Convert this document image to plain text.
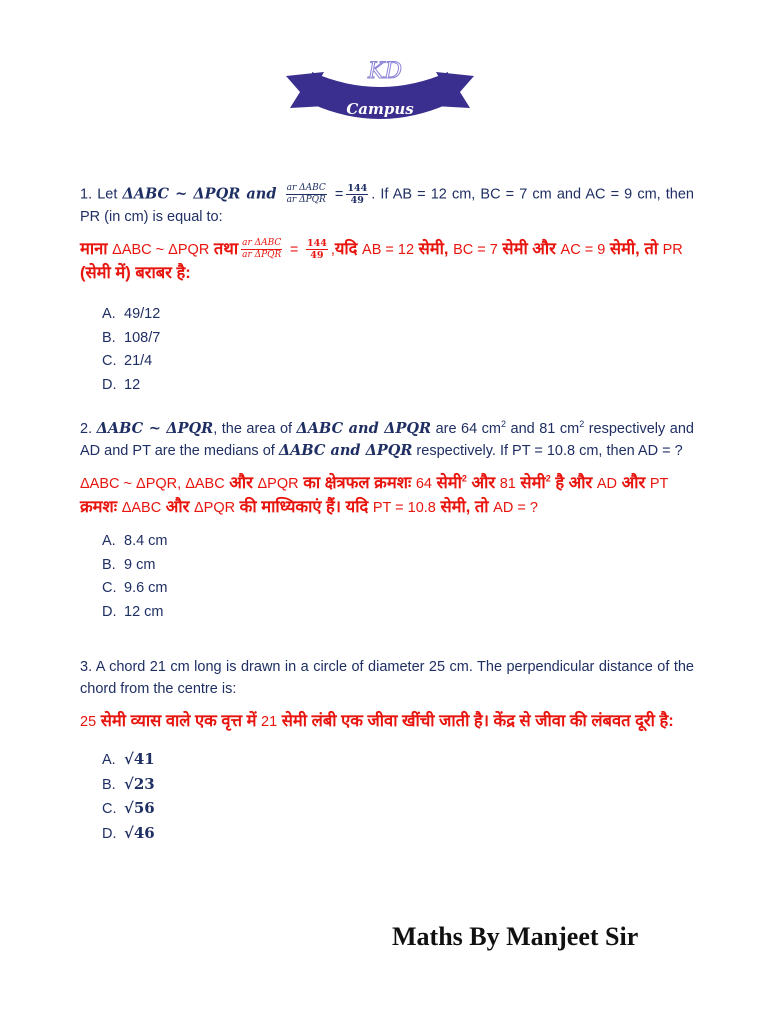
KD
Campus
1. Let ΔABC ~ ΔPQR and $\frac{\text{ar ΔABC}}{\text{ar ΔPQR}} = \frac{144}{49}$ . If AB = 12 cm, BC = 7 cm and AC = 9 cm, then PR (in cm) is equal to:
माना ΔABC ~ ΔPQR तथा $\frac{\text{ar ΔABC}}{\text{ar ΔPQR}} = \frac{144}{49}$ ,यदि AB = 12 सेमी, BC = 7 सेमी और AC = 9 सेमी, तो PR (सेमी में) बराबर है:
A. 49/12
B. 108/7
C. 21/4
D. 12
2. ΔABC ~ ΔPQR, the area of ΔABC and ΔPQR are 64 $cm^2$ and 81 $cm^2$ respectively and AD and PT are the medians of ΔABC and ΔPQR respectively. If PT = 10.8 cm, then AD = ?
ΔABC ~ ΔPQR, ΔABC और ΔPQR का क्षेत्रफल क्रमशः 64 सेमी$^2$ और 81 सेमी$^2$ है और AD और PT क्रमशः ΔABC और ΔPQR की माध्यिकाएं हैं। यदि PT = 10.8 सेमी, तो AD = ?
A. 8.4 cm
B. 9 cm
C. 9.6 cm
D. 12 cm
3. A chord 21 cm long is drawn in a circle of diameter 25 cm. The perpendicular distance of the chord from the centre is:
25 सेमी व्यास वाले एक वृत्त में 21 सेमी लंबी एक जीवा खींची जाती है। केंद्र से जीवा की लंबवत दूरी है:
A. √41
B. √23
C. √56
D. √46
Maths By Manjeet Sir
